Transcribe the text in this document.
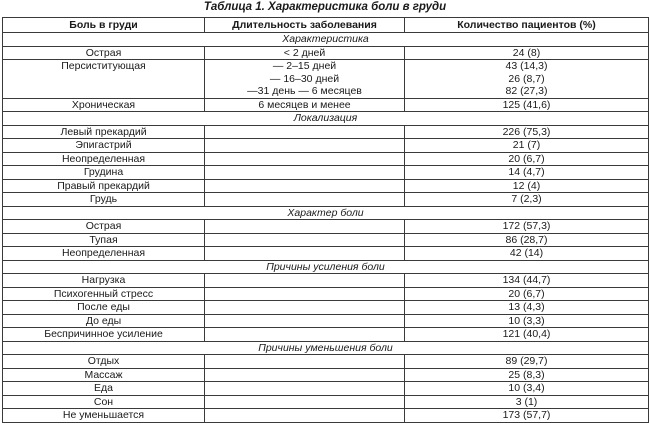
Таблица 1. Характеристика боли в груди
Боль в груди	Длительность заболевания	Количество пациентов (%)
Характеристика		
Острая	< 2 дней	24 (8)
Персиститующая	— 2–15 дней	43 (14,3)
	— 16–30 дней	26 (8,7)
	—31 день — 6 месяцев	82 (27,3)
Хроническая	6 месяцев и менее	125 (41,6)
Локализация		
Левый прекардий		226 (75,3)
Эпигастрий		21 (7)
Неопределенная		20 (6,7)
Грудина		14 (4,7)
Правый прекардий		12 (4)
Грудь		7 (2,3)
Характер боли		
Острая		172 (57,3)
Тупая		86 (28,7)
Неопределенная		42 (14)
Причины усиления боли		
Нагрузка		134 (44,7)
Психогенный стресс		20 (6,7)
После еды		13 (4,3)
До еды		10 (3,3)
Беспричинное усиление		121 (40,4)
Причины уменьшения боли		
Отдых		89 (29,7)
Массаж		25 (8,3)
Еда		10 (3,4)
Сон		3 (1)
Не уменьшается		173 (57,7)
